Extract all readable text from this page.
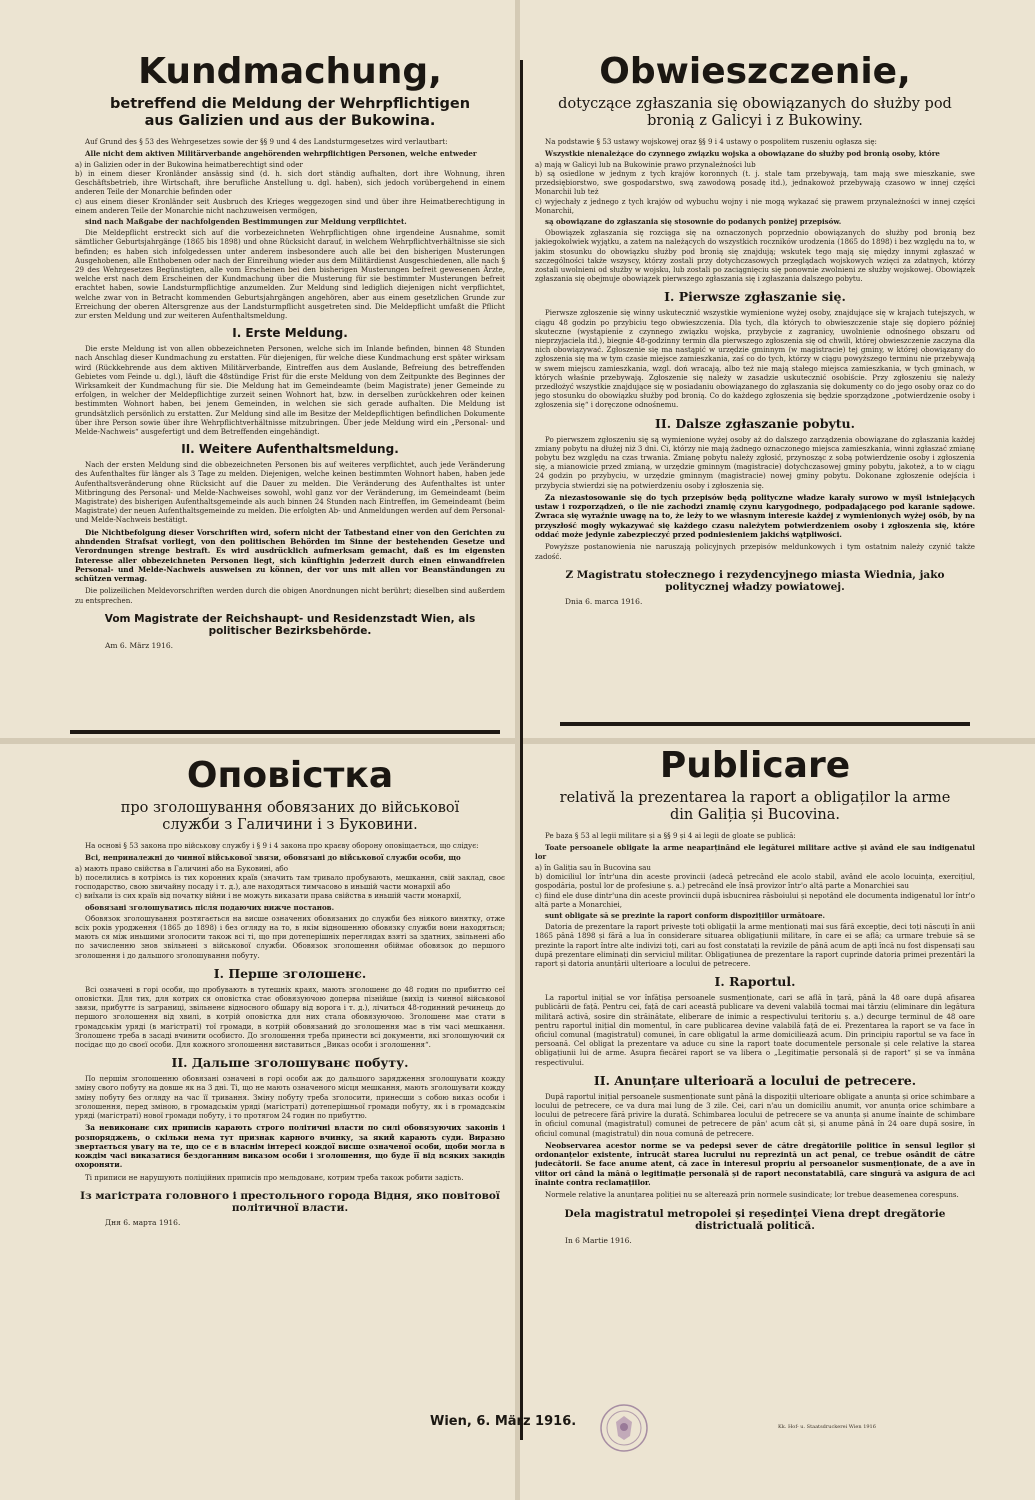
Kundmachung,
betreffend die Meldung der Wehrpflichtigen aus Galizien und aus der Bukowina.

Auf Grund des § 53 des Wehrgesetzes sowie der §§ 9 und 4 des Landsturmgesetzes wird verlautbart:

Alle nicht dem aktiven Militärverbande angehörenden wehrpflichtigen Personen, welche entweder

a) in Galizien oder in der Bukowina heimatberechtigt sind oder
b) in einem dieser Kronländer ansässig sind (d. h. sich dort ständig aufhalten, dort ihre Wohnung, ihren Geschäftsbetrieb, ihre Wirtschaft, ihre berufliche Anstellung u. dgl. haben), sich jedoch vorübergehend in einem anderen Teile der Monarchie befinden oder
c) aus einem dieser Kronländer seit Ausbruch des Krieges weggezogen sind und über ihre Heimatberechtigung in einem anderen Teile der Monarchie nicht nachzuweisen vermögen,

sind nach Maßgabe der nachfolgenden Bestimmungen zur Meldung verpflichtet.

Die Meldepflicht erstreckt sich auf die vorbezeichneten Wehrpflichtigen ohne irgendeine Ausnahme, somit sämtlicher Geburtsjahrgänge (1865 bis 1898) und ohne Rücksicht darauf, in welchem Wehrpflichtverhältnisse sie sich befinden; es haben sich infolgedessen unter anderem insbesondere auch alle bei den bisherigen Musterungen Ausgehobenen, alle Enthobenen oder nach der Einreihung wieder aus dem Militärdienst Ausgeschiedenen, alle nach § 29 des Wehrgesetzes Begünstigten, alle vom Erscheinen bei den bisherigen Musterungen befreit gewesenen Ärzte, welche erst nach dem Erscheinen der Kundmachung über die Musterung für sie bestimmter Musterungen befreit erachtet haben, sowie Landsturmpflichtige anzumelden. Zur Meldung sind lediglich diejenigen nicht verpflichtet, welche zwar von in Betracht kommenden Geburtsjahrgängen angehören, aber aus einem gesetzlichen Grunde zur Erreichung der oberen Altersgrenze aus der Landsturmpflicht ausgetreten sind. Die Meldepflicht umfaßt die Pflicht zur ersten Meldung und zur weiteren Aufenthaltsmeldung.

I. Erste Meldung.

Die erste Meldung ist von allen obbezeichneten Personen, welche sich im Inlande befinden, binnen 48 Stunden nach Anschlag dieser Kundmachung zu erstatten. Für diejenigen, für welche diese Kundmachung erst später wirksam wird (Rückkehrende aus dem aktiven Militärverbande, Eintreffen aus dem Auslande, Befreiung des betreffenden Gebietes vom Feinde u. dgl.), läuft die 48stündige Frist für die erste Meldung von dem Zeitpunkte des Beginnes der Wirksamkeit der Kundmachung für sie. Die Meldung hat im Gemeindeamte (beim Magistrate) jener Gemeinde zu erfolgen, in welcher der Meldepflichtige zurzeit seinen Wohnort hat, bzw. in derselben zurückkehren oder keinen bestimmten Wohnort haben, bei jenem Gemeinden, in welchen sie sich gerade aufhalten. Die Meldung ist grundsätzlich persönlich zu erstatten. Zur Meldung sind alle im Besitze der Meldepflichtigen befindlichen Dokumente über ihre Person sowie über ihre Wehrpflichtverhältnisse mitzubringen. Über jede Meldung wird ein „Personal- und Melde-Nachweis“ ausgefertigt und dem Betreffenden eingehändigt.

II. Weitere Aufenthaltsmeldung.

Nach der ersten Meldung sind die obbezeichneten Personen bis auf weiteres verpflichtet, auch jede Veränderung des Aufenthaltes für länger als 3 Tage zu melden. Diejenigen, welche keinen bestimmten Wohnort haben, haben jede Aufenthaltsveränderung ohne Rücksicht auf die Dauer zu melden. Die Veränderung des Aufenthaltes ist unter Mitbringung des Personal- und Melde-Nachweises sowohl, wohl ganz vor der Veränderung, im Gemeindeamt (beim Magistrate) des bisherigen Aufenthaltsgemeinde als auch binnen 24 Stunden nach Eintreffen, im Gemeindeamt (beim Magistrate) der neuen Aufenthaltsgemeinde zu melden. Die erfolgten Ab- und Anmeldungen werden auf dem Personal- und Melde-Nachweis bestätigt.

Die Nichtbefolgung dieser Vorschriften wird, sofern nicht der Tatbestand einer von den Gerichten zu ahndenden Strafsat vorliegt, von den politischen Behörden im Sinne der bestehenden Gesetze und Verordnungen strenge bestraft. Es wird ausdrücklich aufmerksam gemacht, daß es im eigensten Interesse aller obbezeichneten Personen liegt, sich künftighin jederzeit durch einen einwandfreien Personal- und Melde-Nachweis ausweisen zu können, der vor uns mit allen vor Beanständungen zu schützen vermag.

Die polizeilichen Meldevorschriften werden durch die obigen Anordnungen nicht berührt; dieselben sind außerdem zu entsprechen.

Vom Magistrate der Reichshaupt- und Residenzstadt Wien, als politischer Bezirksbehörde.
Am 6. März 1916.
Obwieszczenie,
dotyczące zgłaszania się obowiązanych do służby pod bronią z Galicyi i z Bukowiny.

Na podstawie § 53 ustawy wojskowej oraz §§ 9 i 4 ustawy o pospolitem ruszeniu ogłasza się:

Wszystkie nienależące do czynnego związku wojska a obowiązane do służby pod bronią osoby, które

a) mają w Galicyi lub na Bukowinie prawo przynależności lub
b) są osiedlone w jednym z tych krajów koronnych (t. j. stale tam przebywają, tam mają swe mieszkanie, swe przedsiębiorstwo, swe gospodarstwo, swą zawodową posadę itd.), jednakowoż przebywają czasowo w innej części Monarchii lub też
c) wyjechały z jednego z tych krajów od wybuchu wojny i nie mogą wykazać się prawem przynależności w innej części Monarchii,

są obowiązane do zgłaszania się stosownie do podanych poniżej przepisów.

Obowiązek zgłaszania się rozciąga się na oznaczonych poprzednio obowiązanych do służby pod bronią bez jakiegokolwiek wyjątku, a zatem na należących do wszystkich roczników urodzenia (1865 do 1898) i bez względu na to, w jakim stosunku do obowiązku służby pod bronią się znajdują; wskutek tego mają się między innymi zgłaszać w szczególności także wszyscy, którzy zostali przy dotychczasowych przeglądach wojskowych wzięci za zdatnych, którzy zostali uwolnieni od służby w wojsku, lub zostali po zaciągnięciu się ponownie zwolnieni ze służby wojskowej. Obowiązek zgłaszania się obejmuje obowiązek pierwszego zgłaszania się i zgłaszania dalszego pobytu.

I. Pierwsze zgłaszanie się.

Pierwsze zgłoszenie się winny uskutecznić wszystkie wymienione wyżej osoby, znajdujące się w krajach tutejszych, w ciągu 48 godzin po przybiciu tego obwieszczenia. Dla tych, dla których to obwieszczenie staje się dopiero później skuteczne (wystąpienie z czynnego związku wojska, przybycie z zagranicy, uwolnienie odnośnego obszaru od nieprzyjaciela itd.), biegnie 48-godzinny termin dla pierwszego zgłoszenia się od chwili, której obwieszczenie zaczyna dla nich obowiązywać. Zgłoszenie się ma nastąpić w urzędzie gminnym (w magistracie) tej gminy, w której obowiązany do zgłoszenia się ma w tym czasie miejsce zamieszkania, zaś co do tych, którzy w ciągu powyższego terminu nie przebywają w swem miejscu zamieszkania, wzgl. doń wracają, albo też nie mają stałego miejsca zamieszkania, w tych gminach, w których właśnie przebywają. Zgłoszenie się należy w zasadzie uskutecznić osobiście. Przy zgłoszeniu się należy przedłożyć wszystkie znajdujące się w posiadaniu obowiązanego do zgłaszania się dokumenty co do jego osoby oraz co do jego stosunku do obowiązku służby pod bronią. Co do każdego zgłoszenia się będzie sporządzone „potwierdzenie osoby i zgłoszenia się“ i doręczone odnośnemu.

II. Dalsze zgłaszanie pobytu.

Po pierwszem zgłoszeniu się są wymienione wyżej osoby aż do dalszego zarządzenia obowiązane do zgłaszania każdej zmiany pobytu na dłużej niż 3 dni. Ci, którzy nie mają żadnego oznaczonego miejsca zamieszkania, winni zgłaszać zmianę pobytu bez względu na czas trwania. Zmianę pobytu należy zgłosić, przynosząc z sobą potwierdzenie osoby i zgłoszenia się, a mianowicie przed zmianą, w urzędzie gminnym (magistracie) dotychczasowej gminy pobytu, jakoteż, a to w ciągu 24 godzin po przybyciu, w urzędzie gminnym (magistracie) nowej gminy pobytu. Dokonane zgłoszenie odejścia i przybycia stwierdzi się na potwierdzeniu osoby i zgłoszenia się.

Za niezastosowanie się do tych przepisów będą polityczne władze karały surowo w myśl istniejących ustaw i rozporządzeń, o ile nie zachodzi znamię czynu karygodnego, podpadającego pod karanie sądowe. Zwraca się wyraźnie uwagę na to, że leży to we własnym interesie każdej z wymienionych wyżej osób, by na przyszłość mogły wykazywać się każdego czasu należytem potwierdzeniem osoby i zgłoszenia się, które oddać może jedynie zabezpieczyć przed podniesieniem jakichś wątpliwości.

Powyższe postanowienia nie naruszają policyjnych przepisów meldunkowych i tym ostatnim należy czynić także zadość.

Z Magistratu stołecznego i rezydencyjnego miasta Wiednia, jako politycznej władzy powiatowej.
Dnia 6. marca 1916.
Оповістка
про зголошування обовязаних до військової служби з Галичини і з Буковини.

На основі § 53 закона про військову службу і § 9 і 4 закона про краєву оборону оповіщається, що слідує:

Всі, неприналежні до чинної військової звязи, обовязані до військової служби особи, що

a) мають право свійства в Галичині або на Буковині, або
b) поселились в котрімсь із тих коронних країв (значить там тривало пробувають, мешкання, свій заклад, своє господарство, свою звичайну посаду і т. д.), але находяться тимчасово в иньшій части монархії або
c) виїхали із сих країв від початку війни і не можуть виказати права свійства в иньшій части монархії,

обовязані зголошуватись після подаючих нижче постанов.

Обовязок зголошування розтягається на висше означених обовязаних до служби без ніякого винятку, отже всіх років уродження (1865 до 1898) і без огляду на то, в якім відношенню обовязку служби вони находяться; мають ся між иньшими зголосити також всі ті, що при дотеперішніх переглядах взяті за здатних, звільнені або по зачисленню знов звільнені з військової служби. Обовязок зголошення обіймає обовязок до першого зголошення і до дальшого зголошування побуту.

І. Перше зголошенє.

Всі означені в горі особи, що пробувають в тутешніх краях, мають зголошенє до 48 годин по прибиттю сеї оповістки. Для тих, для котрих ся оповістка стає обовязуючою доперва пізнійше (вихід із чинної військової звязи, прибуттє із заграниці, звільненє відносного обшару від ворога і т. д.), лічиться 48-годинний речинець до першого зголошення від хвилі, в котрій оповістка для них стала обовязуючою. Зголошенє має стати в громадськім уряді (в магістраті) тої громади, в котрій обовязаний до зголошення має в тім часі мешкання. Зголошенє треба в засаді вчинити особисто. До зголошення треба принести всі документи, які зголошуючий ся посідає що до своєї особи. Для кожного зголошення виставиться „Виказ особи і зголошення“.

ІІ. Дальше зголошуванє побуту.

По першім зголошенню обовязані означені в горі особи аж до дальшого зарядження зголошувати кожду зміну свого побуту на довше як на 3 дні. Ті, що не мають означеного місця мешкання, мають зголошувати кожду зміну побуту без огляду на час її тривання. Зміну побуту треба зголосити, принесши з собою виказ особи і зголошення, перед зміною, в громадськім уряді (магістраті) дотеперішньої громади побуту, як і в громадськім уряді (магістраті) нової громади побуту, і то протягом 24 годин по прибуттю.

За невиконанє сих приписів карають строго політичні власти по силі обовязуючих законів і розпоряджень, о скільки нема тут признак карного вчинку, за який карають суди. Виразно звертається увагу на те, що се є в власнім інтересі кождої висше означеної особи, щоби могла в кождім часі виказатися бездоганним виказом особи і зголошення, що буде її від всяких закидів охороняти.

Ті приписи не нарушують поліційних приписів про мельдованє, котрим треба також робити задість.

Із магістрата головного і престольного города Відня, яко повітової політичної власти.
Дня 6. марта 1916.
Publicare
relativă la prezentarea la raport a obligaților la arme din Galiția și Bucovina.

Pe baza § 53 al legii militare și a §§ 9 și 4 ai legii de gloate se publică:

Toate persoanele obligate la arme neaparținând ele legăturei militare active și având ele sau indigenatul lor

a) în Galiția sau în Bucovina sau
b) domiciliul lor într'una din aceste provincii (adecă petrecând ele acolo stabil, având ele acolo locuința, exercițiul, gospodăria, postul lor de profesiune ș. a.) petrecând ele însă provizor într'o altă parte a Monarchiei sau
c) fiind ele duse dintr'una din aceste provincii după isbucnirea răsboiului și nepotând ele documenta indigenatul lor într'o altă parte a Monarchiei,

sunt obligate să se prezinte la raport conform dispozițiilor următoare.

Datoria de prezentare la raport privește toți obligații la arme menționați mai sus fără excepție, deci toți născuți în anii 1865 până 1898 și fără a lua în considerare situarea obligațiunii militare, în care ei se află; ca urmare trebuie să se prezinte la raport între alte indivizi toți, cari au fost constatați la revizile de până acum de apți încă nu fost dispensați sau după prezentare eliminați din serviciul militar. Obligațiunea de prezentare la raport cuprinde datoria primei prezentări la raport și datoria anunțării ulterioare a locului de petrecere.

I. Raportul.

La raportul inițial se vor înfățișa persoanele susmenționate, cari se află în țară, până la 48 oare după afișarea publicării de față. Pentru cei, față de cari această publicare va deveni valabilă tocmai mai târziu (eliminare din legătura militară activă, sosire din străinătate, eliberare de inimic a respectivului teritoriu ș. a.) decurge terminul de 48 oare pentru raportul inițial din momentul, în care publicarea devine valabilă față de ei. Prezentarea la raport se va face în oficiul comunal (magistratul) comunei, în care obligatul la arme domiciliează acum. Din principiu raportul se va face în persoană. Cel obligat la prezentare va aduce cu sine la raport toate documentele personale și cele relative la starea obligațiunii lui de arme. Asupra fiecărei raport se va libera o „Legitimație personală și de raport“ și se va înmâna respectivului.

II. Anunțare ulterioară a locului de petrecere.

După raportul inițial persoanele susmenționate sunt până la dispoziții ulterioare obligate a anunța și orice schimbare a locului de petrecere, ce va dura mai lung de 3 zile. Cei, cari n'au un domiciliu anumit, vor anunța orice schimbare a locului de petrecere fără privire la durată. Schimbarea locului de petrecere se va anunța și anume înainte de schimbare în oficiul comunal (magistratul) comunei de petrecere de pân' acum cât și, și anume până în 24 oare după sosire, în oficiul comunal (magistratul) din noua comună de petrecere.

Neobservarea acestor norme se va pedepsi sever de către dregătoriile politice în sensul legilor și ordonanțelor existente, întrucât starea lucrului nu reprezintă un act penal, ce trebue osândit de către judecătorii. Se face anume atent, că zace în interesul propriu al persoanelor susmenționate, de a ave în viitor ori când la mână o legitimație personală și de raport neconstatabilă, care singură va asigura de aci înainte contra reclamațiilor.

Normele relative la anunțarea poliției nu se alterează prin normele susindicate; lor trebue deasemenea corespuns.

Dela magistratul metropolei și reședinței Viena drept dregătorie districtuală politică.
In 6 Martie 1916.
Wien, 6. März 1916.	Kk. Hof- u. Staatsdruckerei Wien 1916
